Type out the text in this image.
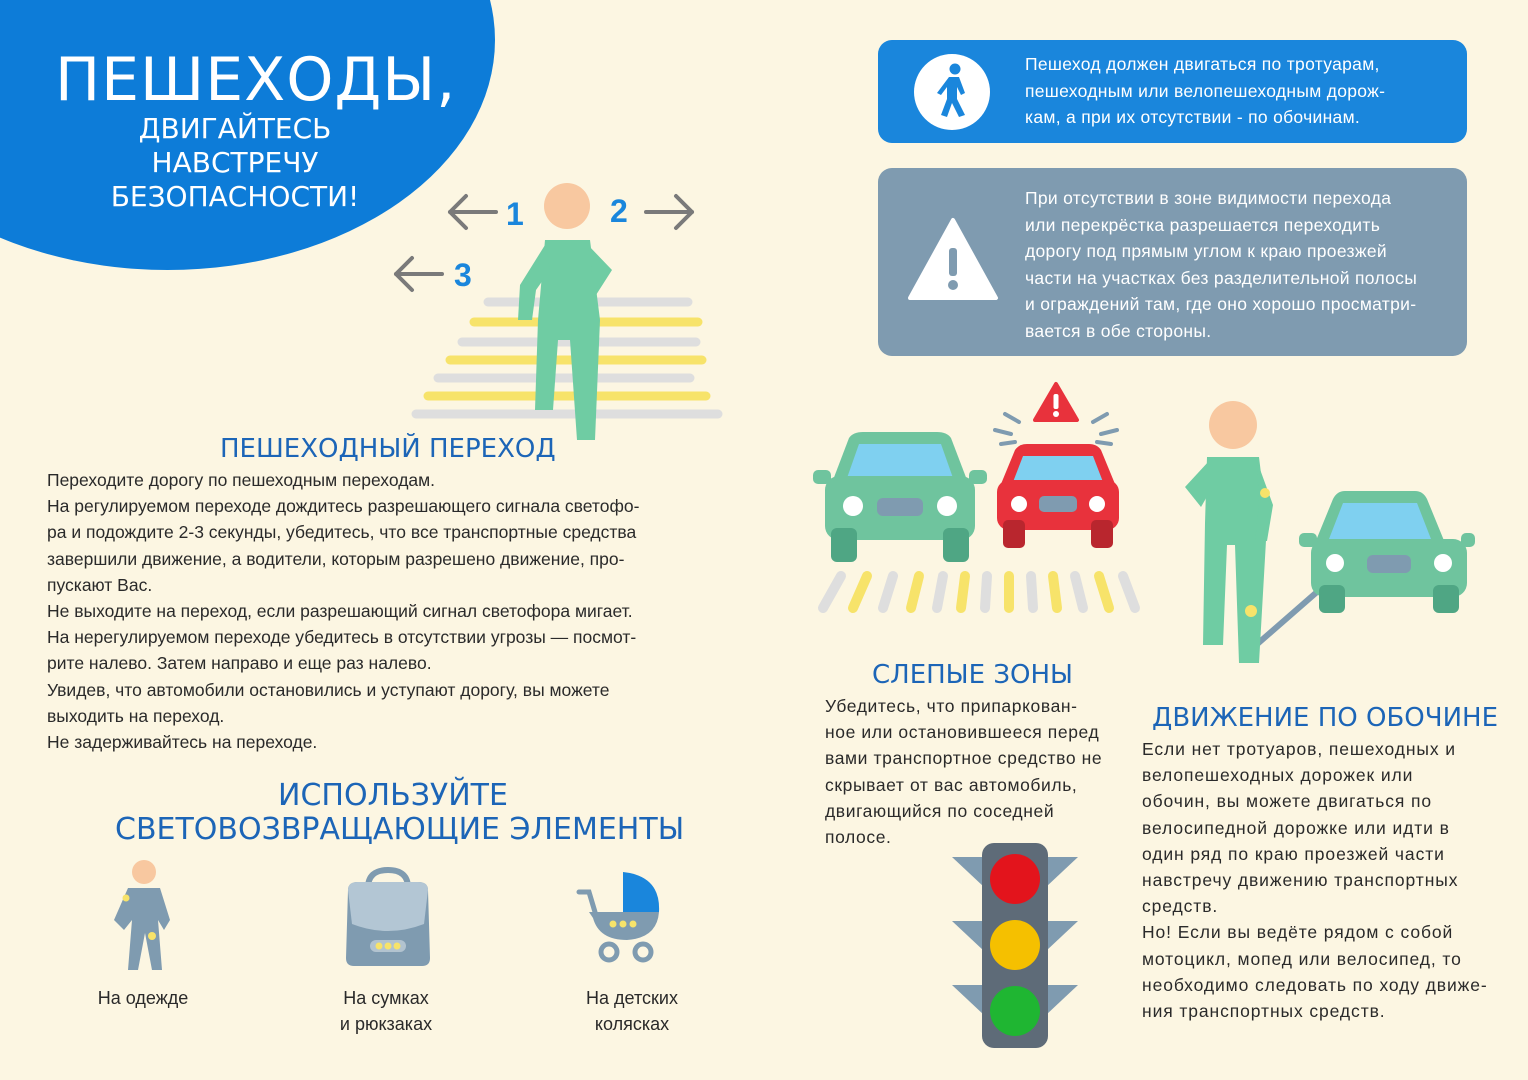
ПЕШЕХОДЫ,
ДВИГАЙТЕСЬ
НАВСТРЕЧУ
БЕЗОПАСНОСТИ!	1	2
3
ПЕШЕХОДНЫЙ ПЕРЕХОД

Переходите дорогу по пешеходным переходам.

На регулируемом переходе дождитесь разрешающего сигнала светофо-

ра и подождите 2-3 секунды, убедитесь, что все транспортные средства

завершили движение, а водители, которым разрешено движение, про-

пускают Вас.

Не выходите на переход, если разрешающий сигнал светофора мигает.

На нерегулируемом переходе убедитесь в отсутствии угрозы — посмот-

рите налево. Затем направо и еще раз налево.

Увидев, что автомобили остановились и уступают дорогу, вы можете

выходить на переход.

Не задерживайтесь на переходе.

ИСПОЛЬЗУЙТЕ
СВЕТОВОЗВРАЩАЮЩИЕ ЭЛЕМЕНТЫ
На одежде	На сумках
и рюкзаках
На детских
колясках
Пешеход должен двигаться по тротуарам,
пешеходным или велопешеходным дорож-
кам, а при их отсутствии - по обочинам.
При отсутствии в зоне видимости перехода
или перекрёстка разрешается переходить
дорогу под прямым углом к краю проезжей
части на участках без разделительной полосы
и ограждений там, где оно хорошо просматри-
вается в обе стороны.
СЛЕПЫЕ ЗОНЫ
Убедитесь, что припаркован-
ное или остановившееся перед
вами транспортное средство не
скрывает от вас автомобиль,
двигающийся по соседней
полосе.
ДВИЖЕНИЕ ПО ОБОЧИНЕ
Если нет тротуаров, пешеходных и
велопешеходных дорожек или
обочин, вы можете двигаться по
велосипедной дорожке или идти в
один ряд по краю проезжей части
навстречу движению транспортных
средств.
Но! Если вы ведёте рядом с собой
мотоцикл, мопед или велосипед, то
необходимо следовать по ходу движе-
ния транспортных средств.
